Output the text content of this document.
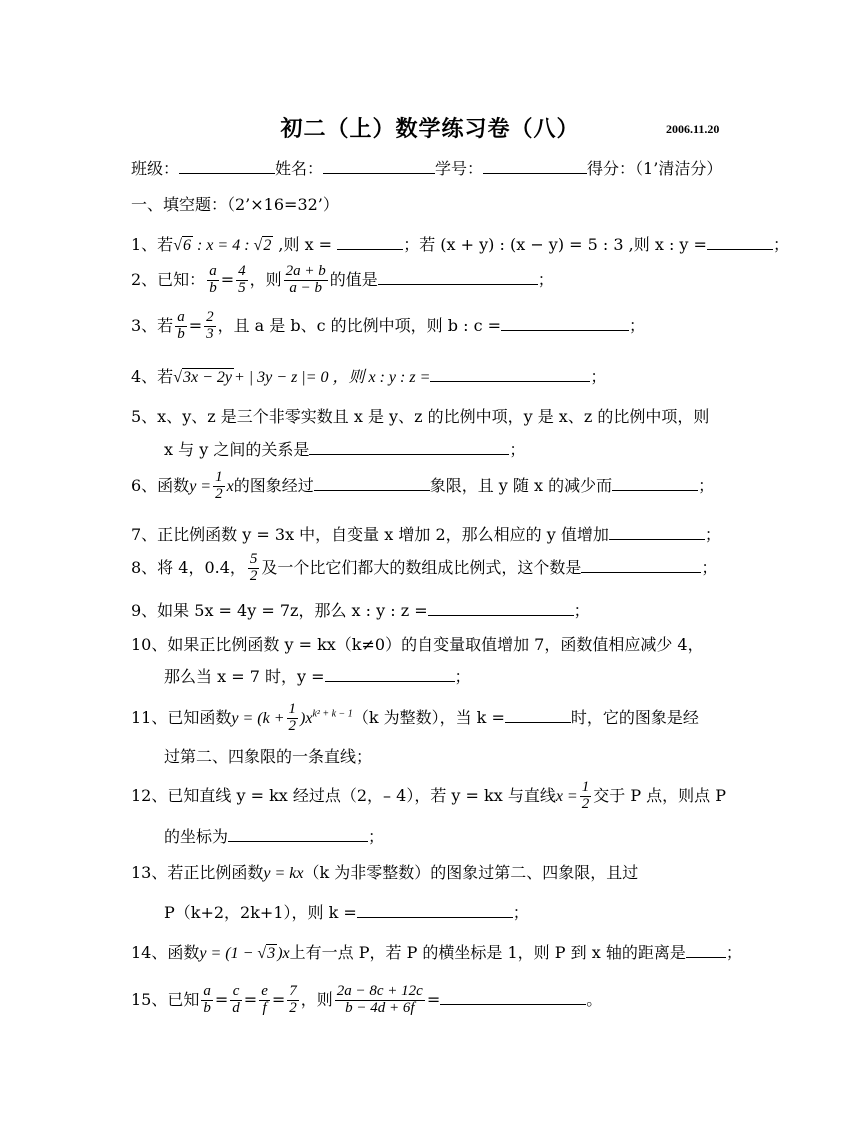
初二（上）数学练习卷（八）	2006.11.20
班级：	姓名：	学号：	得分：（1’清洁分）
一、填空题：（2’×16=32’）
1、若√6 : x = 4 : √2 ,则 x =	；若 (x + y) : (x − y) = 5 : 3 ,则 x : y =	；
2、已知： $\frac{a}{b} = \frac{4}{5}$ ，则 $\frac{2a + b}{a - b}$ 的值是	；
3、若 $\frac{a}{b} = \frac{2}{3}$ ，且 a 是 b、c 的比例中项，则 b : c =	；
4、若√3x − 2y + | 3y − z |= 0 ，则 x : y : z =	；
5、x、y、z 是三个非零实数且 x 是 y、z 的比例中项，y 是 x、z 的比例中项，则
x 与 y 之间的关系是	；
6、函数$y = \frac{1}{2}$ x的图象经过	象限，且 y 随 x 的减少而	；
7、正比例函数 y = 3x 中，自变量 x 增加 2，那么相应的 y 值增加	；
8、将 4，0.4， $\frac{5}{2}$ 及一个比它们都大的数组成比例式，这个数是	；
9、如果 5x = 4y = 7z，那么 x : y : z =	；
10、如果正比例函数 y = kx（k≠0）的自变量取值增加 7，函数值相应减少 4，
那么当 x = 7 时，y =	；
11、已知函数$y = (k + \frac{1}{2} )x^{k^2 + k - 1}(k$ 为整数），当 k =	时，它的图象是经
过第二、四象限的一条直线；
12、已知直线 y = kx 经过点（2，– 4），若 y = kx 与直线$x = \frac{1}{2}$ 交于 P 点，则点 P
的坐标为	；
13、若正比例函数y = kx（k 为非零整数）的图象过第二、四象限，且过
P（k+2，2k+1），则 k =	；
14、函数y = (1 − √3 )x上有一点 P，若 P 的横坐标是 1，则 P 到 x 轴的距离是	；
15、已知 $\frac{a}{b} = \frac{c}{d} = \frac{e}{f} = \frac{7}{2}$ ，则 $\frac{2a - 8c + 12c}{b - 4d + 6f}$ =	。
